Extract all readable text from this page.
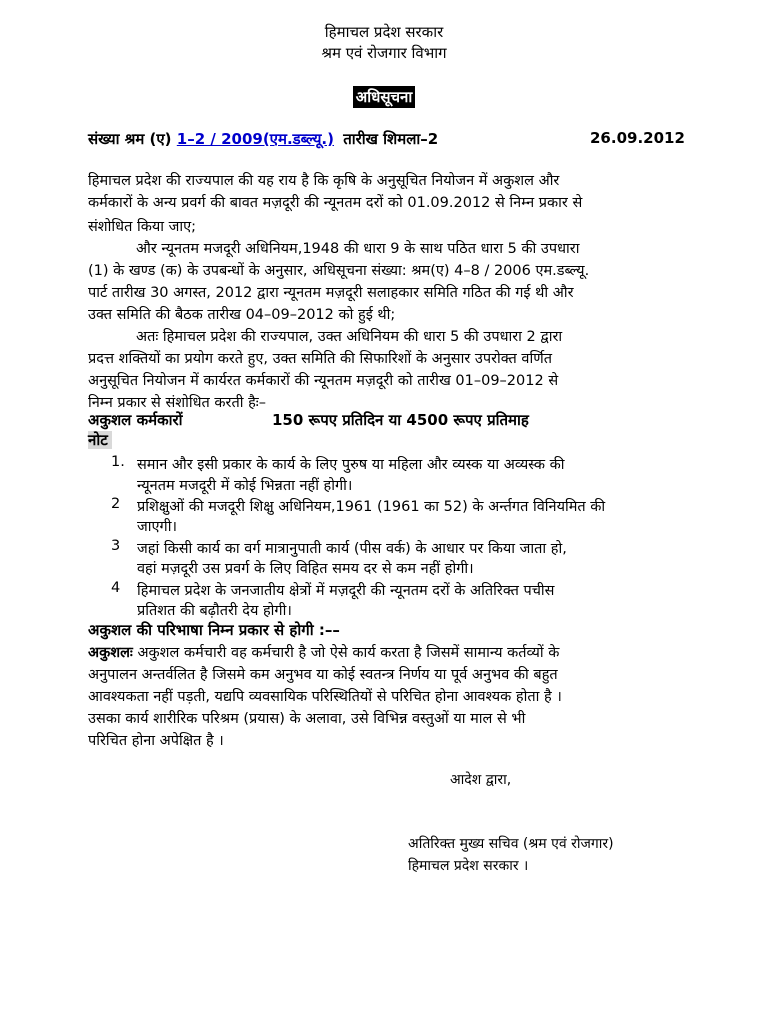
हिमाचल प्रदेश सरकार
श्रम एवं रोजगार विभाग
अधिसूचना
संख्या श्रम (ए) 1–2 / 2009(एम.डब्ल्यू.) तारीख शिमला–2	26.09.2012
हिमाचल प्रदेश की राज्यपाल की यह राय है कि कृषि के अनुसूचित नियोजन में अकुशल और
कर्मकारों के अन्य प्रवर्ग की बावत मज़दूरी की न्यूनतम दरों को 01.09.2012 से निम्न प्रकार से
संशोधित किया जाए;
और न्यूनतम मजदूरी अधिनियम,1948 की धारा 9 के साथ पठित धारा 5 की उपधारा
(1) के खण्ड (क) के उपबन्धों के अनुसार, अधिसूचना संख्या: श्रम(ए) 4–8 / 2006 एम.डब्ल्यू.
पार्ट तारीख 30 अगस्त, 2012 द्वारा न्यूनतम मज़दूरी सलाहकार समिति गठित की गई थी और
उक्त समिति की बैठक तारीख 04–09–2012 को हुई थी;
अतः हिमाचल प्रदेश की राज्यपाल, उक्त अधिनियम की धारा 5 की उपधारा 2 द्वारा
प्रदत्त शक्तियों का प्रयोग करते हुए, उक्त समिति की सिफारिशों के अनुसार उपरोक्त वर्णित
अनुसूचित नियोजन में कार्यरत कर्मकारों की न्यूनतम मज़दूरी को तारीख 01–09–2012 से
निम्न प्रकार से संशोधित करती हैः–
अकुशल कर्मकारों	150 रूपए प्रतिदिन या 4500 रूपए प्रतिमाह
नोट
1. समान और इसी प्रकार के कार्य के लिए पुरुष या महिला और व्यस्क या अव्यस्क की
न्यूनतम मजदूरी में कोई भिन्नता नहीं होगी।
2 प्रशिक्षुओं की मजदूरी शिक्षु अधिनियम,1961 (1961 का 52) के अर्न्तगत विनियमित की
जाएगी।
3 जहां किसी कार्य का वर्ग मात्रानुपाती कार्य (पीस वर्क) के आधार पर किया जाता हो,
वहां मज़दूरी उस प्रवर्ग के लिए विहित समय दर से कम नहीं होगी।
4 हिमाचल प्रदेश के जनजातीय क्षेत्रों में मज़दूरी की न्यूनतम दरों के अतिरिक्त पचीस
प्रतिशत की बढ़ौतरी देय होगी।
अकुशल की परिभाषा निम्न प्रकार से होगी :––
अकुशलः अकुशल कर्मचारी वह कर्मचारी है जो ऐसे कार्य करता है जिसमें सामान्य कर्तव्यों के
अनुपालन अन्तर्वलित है जिसमे कम अनुभव या कोई स्वतन्त्र निर्णय या पूर्व अनुभव की बहुत
आवश्यकता नहीं पड़ती, यद्यपि व्यवसायिक परिस्थितियों से परिचित होना आवश्यक होता है ।
उसका कार्य शारीरिक परिश्रम (प्रयास) के अलावा, उसे विभिन्न वस्तुओं या माल से भी
परिचित होना अपेक्षित है ।
आदेश द्वारा,
अतिरिक्त मुख्य सचिव (श्रम एवं रोजगार)
हिमाचल प्रदेश सरकार ।
